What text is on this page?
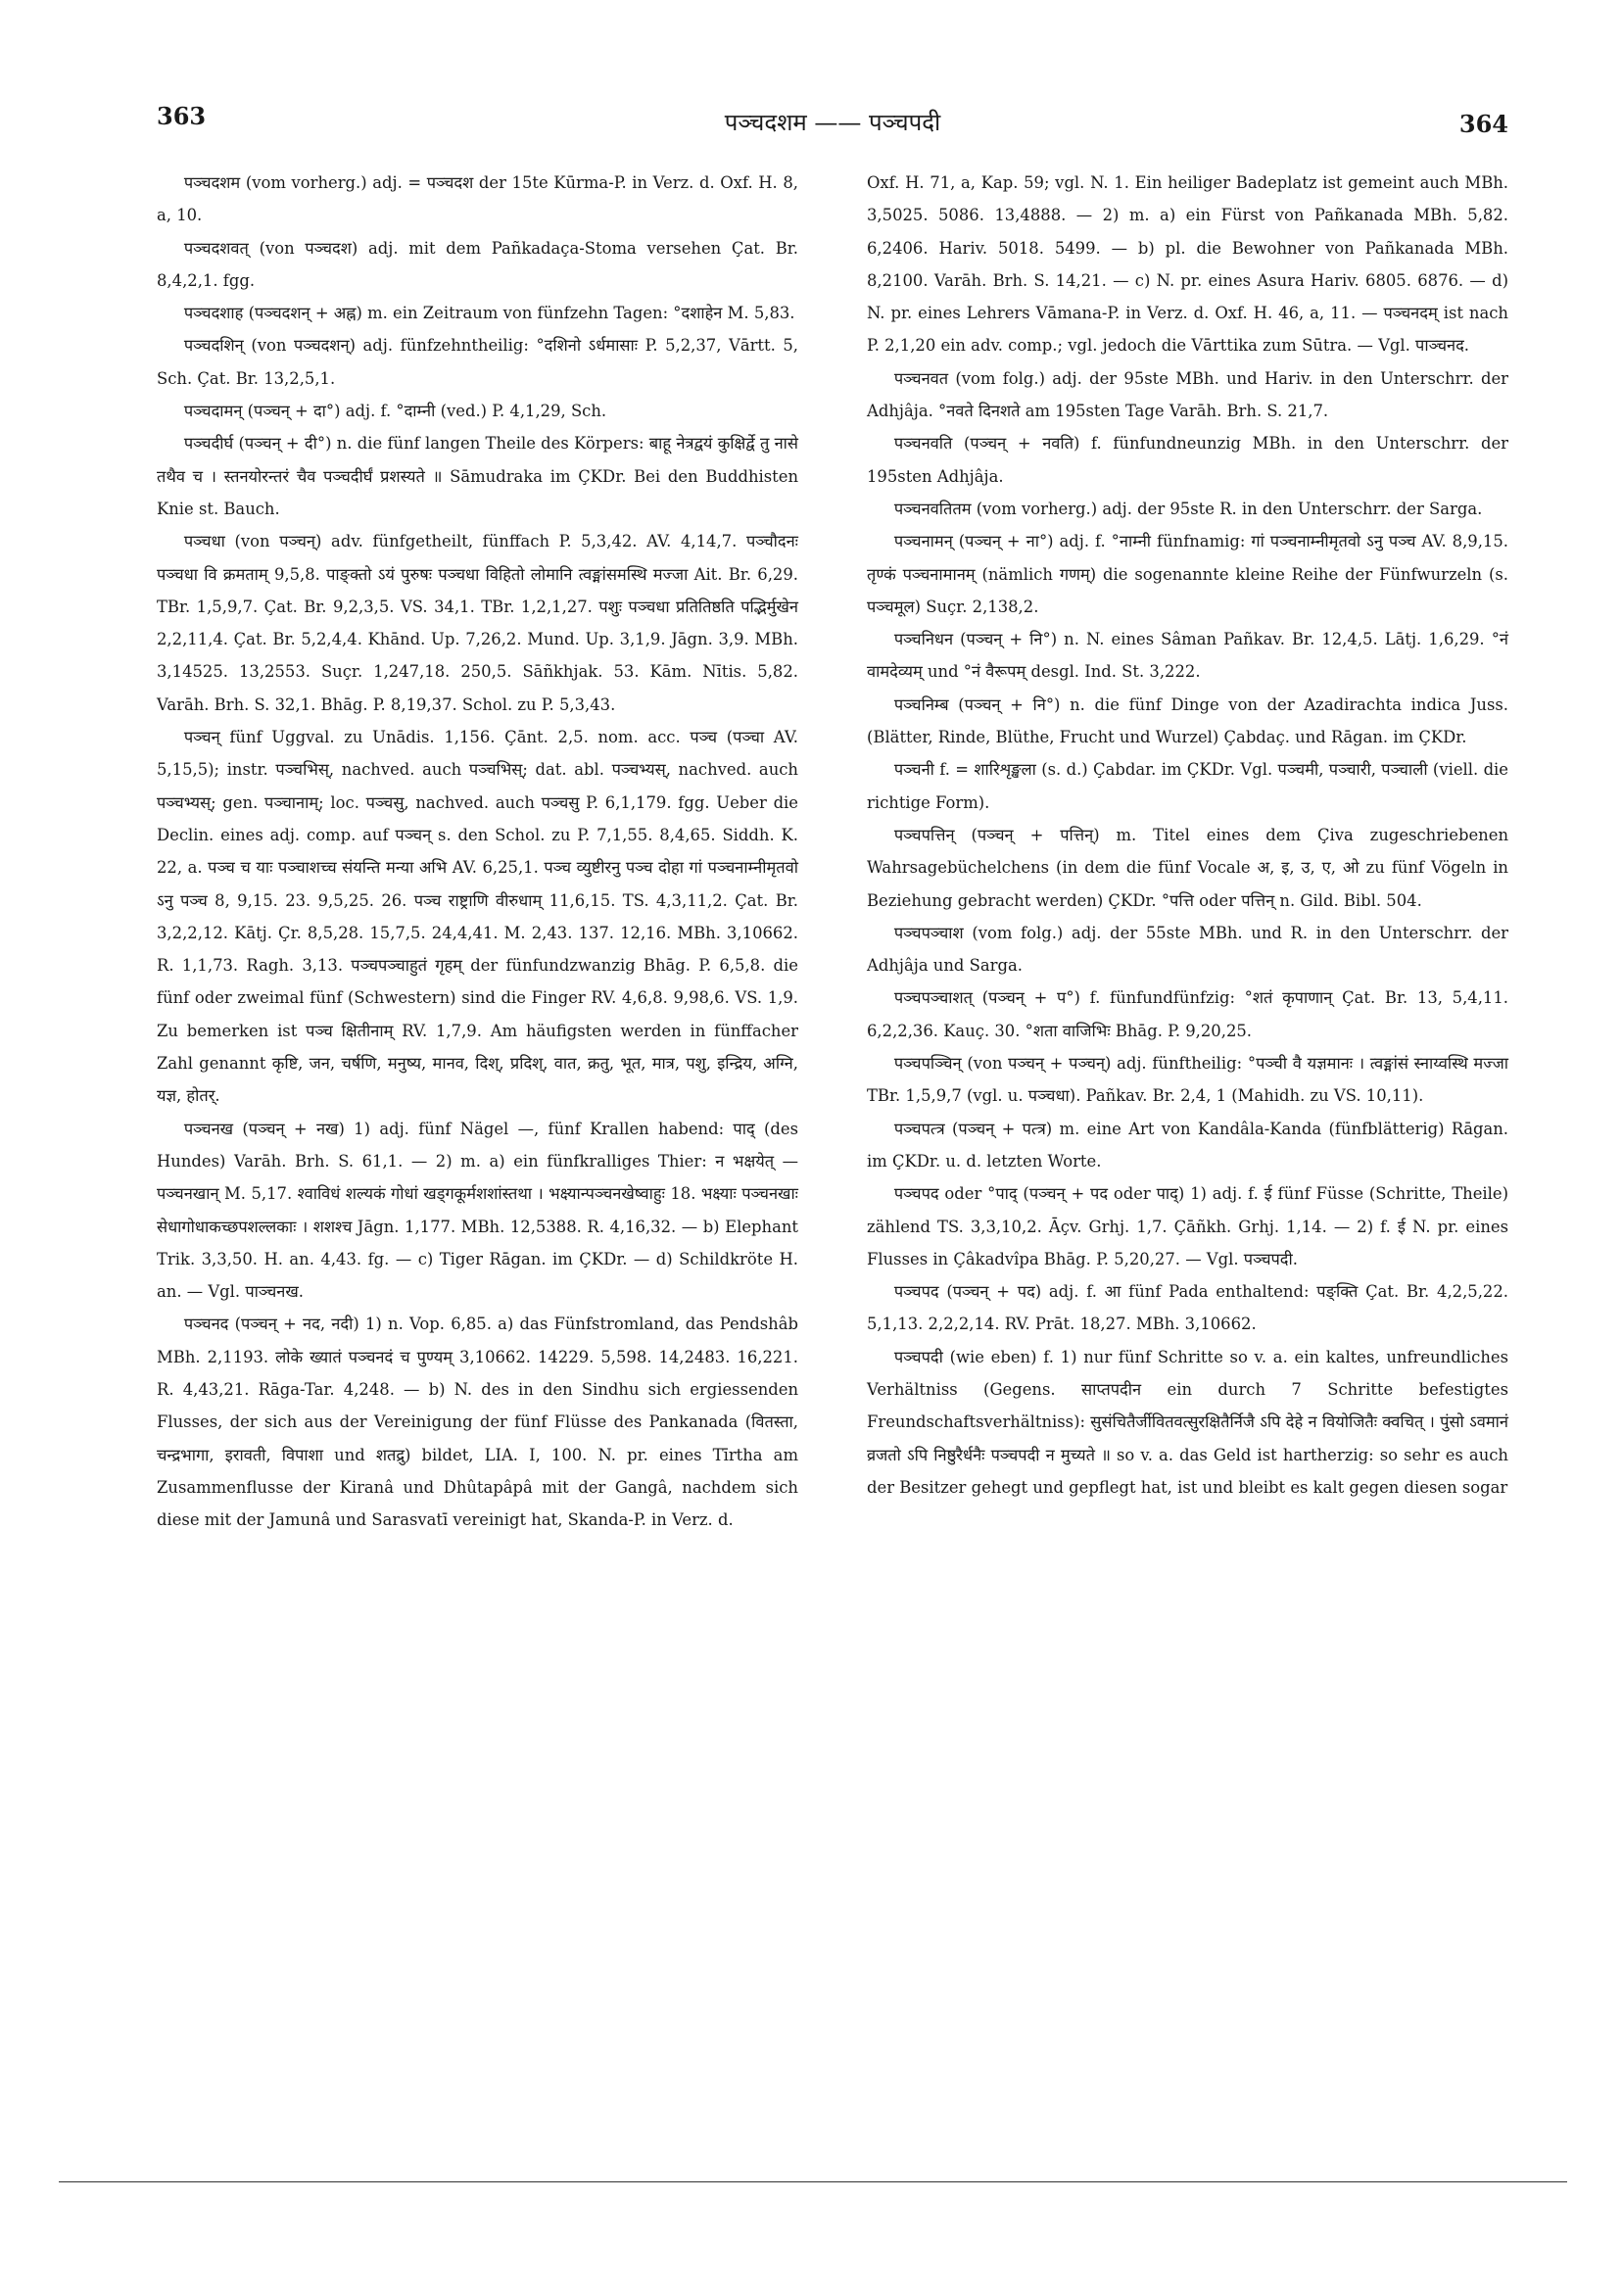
363	पञ्चदशम —— पञ्चपदी	364

पञ्चदशम (vom vorherg.) adj. = पञ्चदश der 15te Kūrma-P. in Verz. d. Oxf. H. 8, a, 10.

पञ्चदशवत् (von पञ्चदश) adj. mit dem Pañkadaça-Stoma versehen Çat. Br. 8,4,2,1. fgg.

पञ्चदशाह (पञ्चदशन् + अह्न) m. ein Zeitraum von fünfzehn Tagen: °दशाहेन M. 5,83.

पञ्चदशिन् (von पञ्चदशन्) adj. fünfzehntheilig: °दशिनो ऽर्धमासाः P. 5,2,37, Vārtt. 5, Sch. Çat. Br. 13,2,5,1.

पञ्चदामन् (पञ्चन् + दा°) adj. f. °दाम्नी (ved.) P. 4,1,29, Sch.

पञ्चदीर्घ (पञ्चन् + दी°) n. die fünf langen Theile des Körpers: बाहू नेत्रद्वयं कुक्षिर्द्वे तु नासे तथैव च । स्तनयोरन्तरं चैव पञ्चदीर्घं प्रशस्यते ॥ Sāmudraka im ÇKDr. Bei den Buddhisten Knie st. Bauch.

पञ्चधा (von पञ्चन्) adv. fünfgetheilt, fünffach P. 5,3,42. AV. 4,14,7. पञ्चौदनः पञ्चधा वि क्रमताम् 9,5,8. पाङ्क्तो ऽयं पुरुषः पञ्चधा विहितो लोमानि त्वङ्मांसमस्थि मज्जा Ait. Br. 6,29. TBr. 1,5,9,7. Çat. Br. 9,2,3,5. VS. 34,1. TBr. 1,2,1,27. पशुः पञ्चधा प्रतितिष्ठति पद्भिर्मुखेन 2,2,11,4. Çat. Br. 5,2,4,4. Khānd. Up. 7,26,2. Mund. Up. 3,1,9. Jāgn. 3,9. MBh. 3,14525. 13,2553. Suçr. 1,247,18. 250,5. Sāñkhjak. 53. Kām. Nītis. 5,82. Varāh. Brh. S. 32,1. Bhāg. P. 8,19,37. Schol. zu P. 5,3,43.

पञ्चन् fünf Uggval. zu Unādis. 1,156. Çānt. 2,5. nom. acc. पञ्च (पञ्चा AV. 5,15,5); instr. पञ्चभिस्, nachved. auch पञ्चभिस्; dat. abl. पञ्चभ्यस्, nachved. auch पञ्चभ्यस्; gen. पञ्चानाम्; loc. पञ्चसु, nachved. auch पञ्चसु P. 6,1,179. fgg. Ueber die Declin. eines adj. comp. auf पञ्चन् s. den Schol. zu P. 7,1,55. 8,4,65. Siddh. K. 22, a. पञ्च च याः पञ्चाशच्च संयन्ति मन्या अभि AV. 6,25,1. पञ्च व्युष्टीरनु पञ्च दोहा गां पञ्चनाम्नीमृतवो ऽनु पञ्च 8, 9,15. 23. 9,5,25. 26. पञ्च राष्ट्राणि वीरुधाम् 11,6,15. TS. 4,3,11,2. Çat. Br. 3,2,2,12. Kātj. Çr. 8,5,28. 15,7,5. 24,4,41. M. 2,43. 137. 12,16. MBh. 3,10662. R. 1,1,73. Ragh. 3,13. पञ्चपञ्चाहुतं गृहम् der fünfundzwanzig Bhāg. P. 6,5,8. die fünf oder zweimal fünf (Schwestern) sind die Finger RV. 4,6,8. 9,98,6. VS. 1,9. Zu bemerken ist पञ्च क्षितीनाम् RV. 1,7,9. Am häufigsten werden in fünffacher Zahl genannt कृष्टि, जन, चर्षणि, मनुष्य, मानव, दिश्, प्रदिश्, वात, क्रतु, भूत, मात्र, पशु, इन्द्रिय, अग्नि, यज्ञ, होतर्.

पञ्चनख (पञ्चन् + नख) 1) adj. fünf Nägel —, fünf Krallen habend: पाद् (des Hundes) Varāh. Brh. S. 61,1. — 2) m. a) ein fünfkralliges Thier: न भक्षयेत् — पञ्चनखान् M. 5,17. श्वाविधं शल्यकं गोधां खड्गकूर्मशशांस्तथा । भक्ष्यान्पञ्चनखेष्वाहुः 18. भक्ष्याः पञ्चनखाः सेधागोधाकच्छपशल्लकाः । शशश्च Jāgn. 1,177. MBh. 12,5388. R. 4,16,32. — b) Elephant Trik. 3,3,50. H. an. 4,43. fg. — c) Tiger Rāgan. im ÇKDr. — d) Schildkröte H. an. — Vgl. पाञ्चनख.

पञ्चनद (पञ्चन् + नद, नदी) 1) n. Vop. 6,85. a) das Fünfstromland, das Pendshâb MBh. 2,1193. लोके ख्यातं पञ्चनदं च पुण्यम् 3,10662. 14229. 5,598. 14,2483. 16,221. R. 4,43,21. Rāga-Tar. 4,248. — b) N. des in den Sindhu sich ergiessenden Flusses, der sich aus der Vereinigung der fünf Flüsse des Pankanada (वितस्ता, चन्द्रभागा, इरावती, विपाशा und शतद्रु) bildet, LIA. I, 100. N. pr. eines Tīrtha am Zusammenflusse der Kiranâ und Dhûtapâpâ mit der Gangâ, nachdem sich diese mit der Jamunâ und Sarasvatī vereinigt hat, Skanda-P. in Verz. d.

Oxf. H. 71, a, Kap. 59; vgl. N. 1. Ein heiliger Badeplatz ist gemeint auch MBh. 3,5025. 5086. 13,4888. — 2) m. a) ein Fürst von Pañkanada MBh. 5,82. 6,2406. Hariv. 5018. 5499. — b) pl. die Bewohner von Pañkanada MBh. 8,2100. Varāh. Brh. S. 14,21. — c) N. pr. eines Asura Hariv. 6805. 6876. — d) N. pr. eines Lehrers Vāmana-P. in Verz. d. Oxf. H. 46, a, 11. — पञ्चनदम् ist nach P. 2,1,20 ein adv. comp.; vgl. jedoch die Vārttika zum Sūtra. — Vgl. पाञ्चनद.

पञ्चनवत (vom folg.) adj. der 95ste MBh. und Hariv. in den Unterschrr. der Adhjâja. °नवते दिनशते am 195sten Tage Varāh. Brh. S. 21,7.

पञ्चनवति (पञ्चन् + नवति) f. fünfundneunzig MBh. in den Unterschrr. der 195sten Adhjâja.

पञ्चनवतितम (vom vorherg.) adj. der 95ste R. in den Unterschrr. der Sarga.

पञ्चनामन् (पञ्चन् + ना°) adj. f. °नाम्नी fünfnamig: गां पञ्चनाम्नीमृतवो ऽनु पञ्च AV. 8,9,15. तृण्कं पञ्चनामानम् (nämlich गणम्) die sogenannte kleine Reihe der Fünfwurzeln (s. पञ्चमूल) Suçr. 2,138,2.

पञ्चनिधन (पञ्चन् + नि°) n. N. eines Sâman Pañkav. Br. 12,4,5. Lātj. 1,6,29. °नं वामदेव्यम् und °नं वैरूपम् desgl. Ind. St. 3,222.

पञ्चनिम्ब (पञ्चन् + नि°) n. die fünf Dinge von der Azadirachta indica Juss. (Blätter, Rinde, Blüthe, Frucht und Wurzel) Çabdaç. und Rāgan. im ÇKDr.

पञ्चनी f. = शारिशृङ्खला (s. d.) Çabdar. im ÇKDr. Vgl. पञ्चमी, पञ्चारी, पञ्चाली (viell. die richtige Form).

पञ्चपत्तिन् (पञ्चन् + पत्तिन्) m. Titel eines dem Çiva zugeschriebenen Wahrsagebüchelchens (in dem die fünf Vocale अ, इ, उ, ए, ओ zu fünf Vögeln in Beziehung gebracht werden) ÇKDr. °पत्ति oder पत्तिन् n. Gild. Bibl. 504.

पञ्चपञ्चाश (vom folg.) adj. der 55ste MBh. und R. in den Unterschrr. der Adhjâja und Sarga.

पञ्चपञ्चाशत् (पञ्चन् + प°) f. fünfundfünfzig: °शतं कृपाणान् Çat. Br. 13, 5,4,11. 6,2,2,36. Kauç. 30. °शता वाजिभिः Bhāg. P. 9,20,25.

पञ्चपञ्चिन् (von पञ्चन् + पञ्चन्) adj. fünftheilig: °पञ्ची वै यज्ञमानः । त्वङ्मांसं स्नाय्वस्थि मज्जा TBr. 1,5,9,7 (vgl. u. पञ्चधा). Pañkav. Br. 2,4, 1 (Mahidh. zu VS. 10,11).

पञ्चपत्त्र (पञ्चन् + पत्त्र) m. eine Art von Kandâla-Kanda (fünfblätterig) Rāgan. im ÇKDr. u. d. letzten Worte.

पञ्चपद oder °पाद् (पञ्चन् + पद oder पाद्) 1) adj. f. ई fünf Füsse (Schritte, Theile) zählend TS. 3,3,10,2. Āçv. Grhj. 1,7. Çāñkh. Grhj. 1,14. — 2) f. ई N. pr. eines Flusses in Çâkadvîpa Bhāg. P. 5,20,27. — Vgl. पञ्चपदी.

पञ्चपद (पञ्चन् + पद) adj. f. आ fünf Pada enthaltend: पङ्क्ति Çat. Br. 4,2,5,22. 5,1,13. 2,2,2,14. RV. Prāt. 18,27. MBh. 3,10662.

पञ्चपदी (wie eben) f. 1) nur fünf Schritte so v. a. ein kaltes, unfreundliches Verhältniss (Gegens. साप्तपदीन ein durch 7 Schritte befestigtes Freundschaftsverhältniss): सुसंचितैर्जीवितवत्सुरक्षितैर्निजै ऽपि देहे न वियोजितैः क्वचित् । पुंसो ऽवमानं व्रजतो ऽपि निष्ठुरैर्धनैः पञ्चपदी न मुच्यते ॥ so v. a. das Geld ist hartherzig: so sehr es auch der Besitzer gehegt und gepflegt hat, ist und bleibt es kalt gegen diesen sogar
